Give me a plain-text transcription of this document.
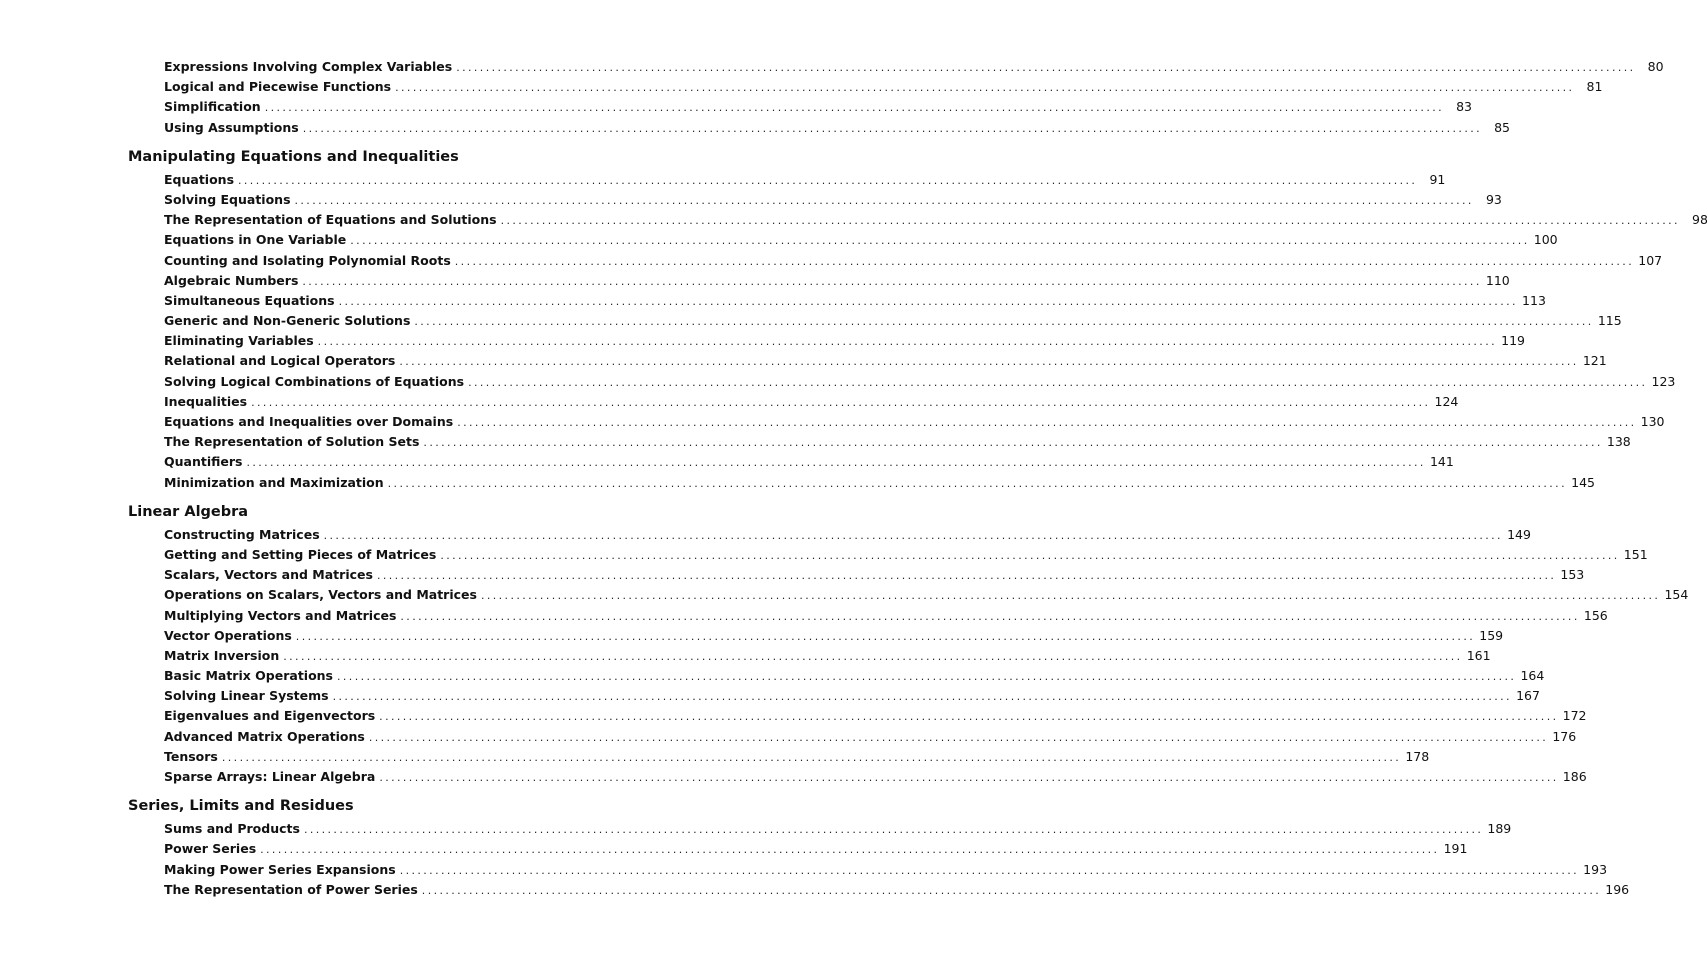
Expressions Involving Complex Variables ........................................................................................................................................................................................................ 80
Logical and Piecewise Functions ........................................................................................................................................................................................................ 81
Simplification ........................................................................................................................................................................................................ 83
Using Assumptions ........................................................................................................................................................................................................ 85
Manipulating Equations and Inequalities
Equations ........................................................................................................................................................................................................ 91
Solving Equations ........................................................................................................................................................................................................ 93
The Representation of Equations and Solutions ........................................................................................................................................................................................................ 98
Equations in One Variable ........................................................................................................................................................................................................ 100
Counting and Isolating Polynomial Roots ........................................................................................................................................................................................................ 107
Algebraic Numbers ........................................................................................................................................................................................................ 110
Simultaneous Equations ........................................................................................................................................................................................................ 113
Generic and Non-Generic Solutions ........................................................................................................................................................................................................ 115
Eliminating Variables ........................................................................................................................................................................................................ 119
Relational and Logical Operators ........................................................................................................................................................................................................ 121
Solving Logical Combinations of Equations ........................................................................................................................................................................................................ 123
Inequalities ........................................................................................................................................................................................................ 124
Equations and Inequalities over Domains ........................................................................................................................................................................................................ 130
The Representation of Solution Sets ........................................................................................................................................................................................................ 138
Quantifiers ........................................................................................................................................................................................................ 141
Minimization and Maximization ........................................................................................................................................................................................................ 145
Linear Algebra
Constructing Matrices ........................................................................................................................................................................................................ 149
Getting and Setting Pieces of Matrices ........................................................................................................................................................................................................ 151
Scalars, Vectors and Matrices ........................................................................................................................................................................................................ 153
Operations on Scalars, Vectors and Matrices ........................................................................................................................................................................................................ 154
Multiplying Vectors and Matrices ........................................................................................................................................................................................................ 156
Vector Operations ........................................................................................................................................................................................................ 159
Matrix Inversion ........................................................................................................................................................................................................ 161
Basic Matrix Operations ........................................................................................................................................................................................................ 164
Solving Linear Systems ........................................................................................................................................................................................................ 167
Eigenvalues and Eigenvectors ........................................................................................................................................................................................................ 172
Advanced Matrix Operations ........................................................................................................................................................................................................ 176
Tensors ........................................................................................................................................................................................................ 178
Sparse Arrays: Linear Algebra ........................................................................................................................................................................................................ 186
Series, Limits and Residues
Sums and Products ........................................................................................................................................................................................................ 189
Power Series ........................................................................................................................................................................................................ 191
Making Power Series Expansions ........................................................................................................................................................................................................ 193
The Representation of Power Series ........................................................................................................................................................................................................ 196
